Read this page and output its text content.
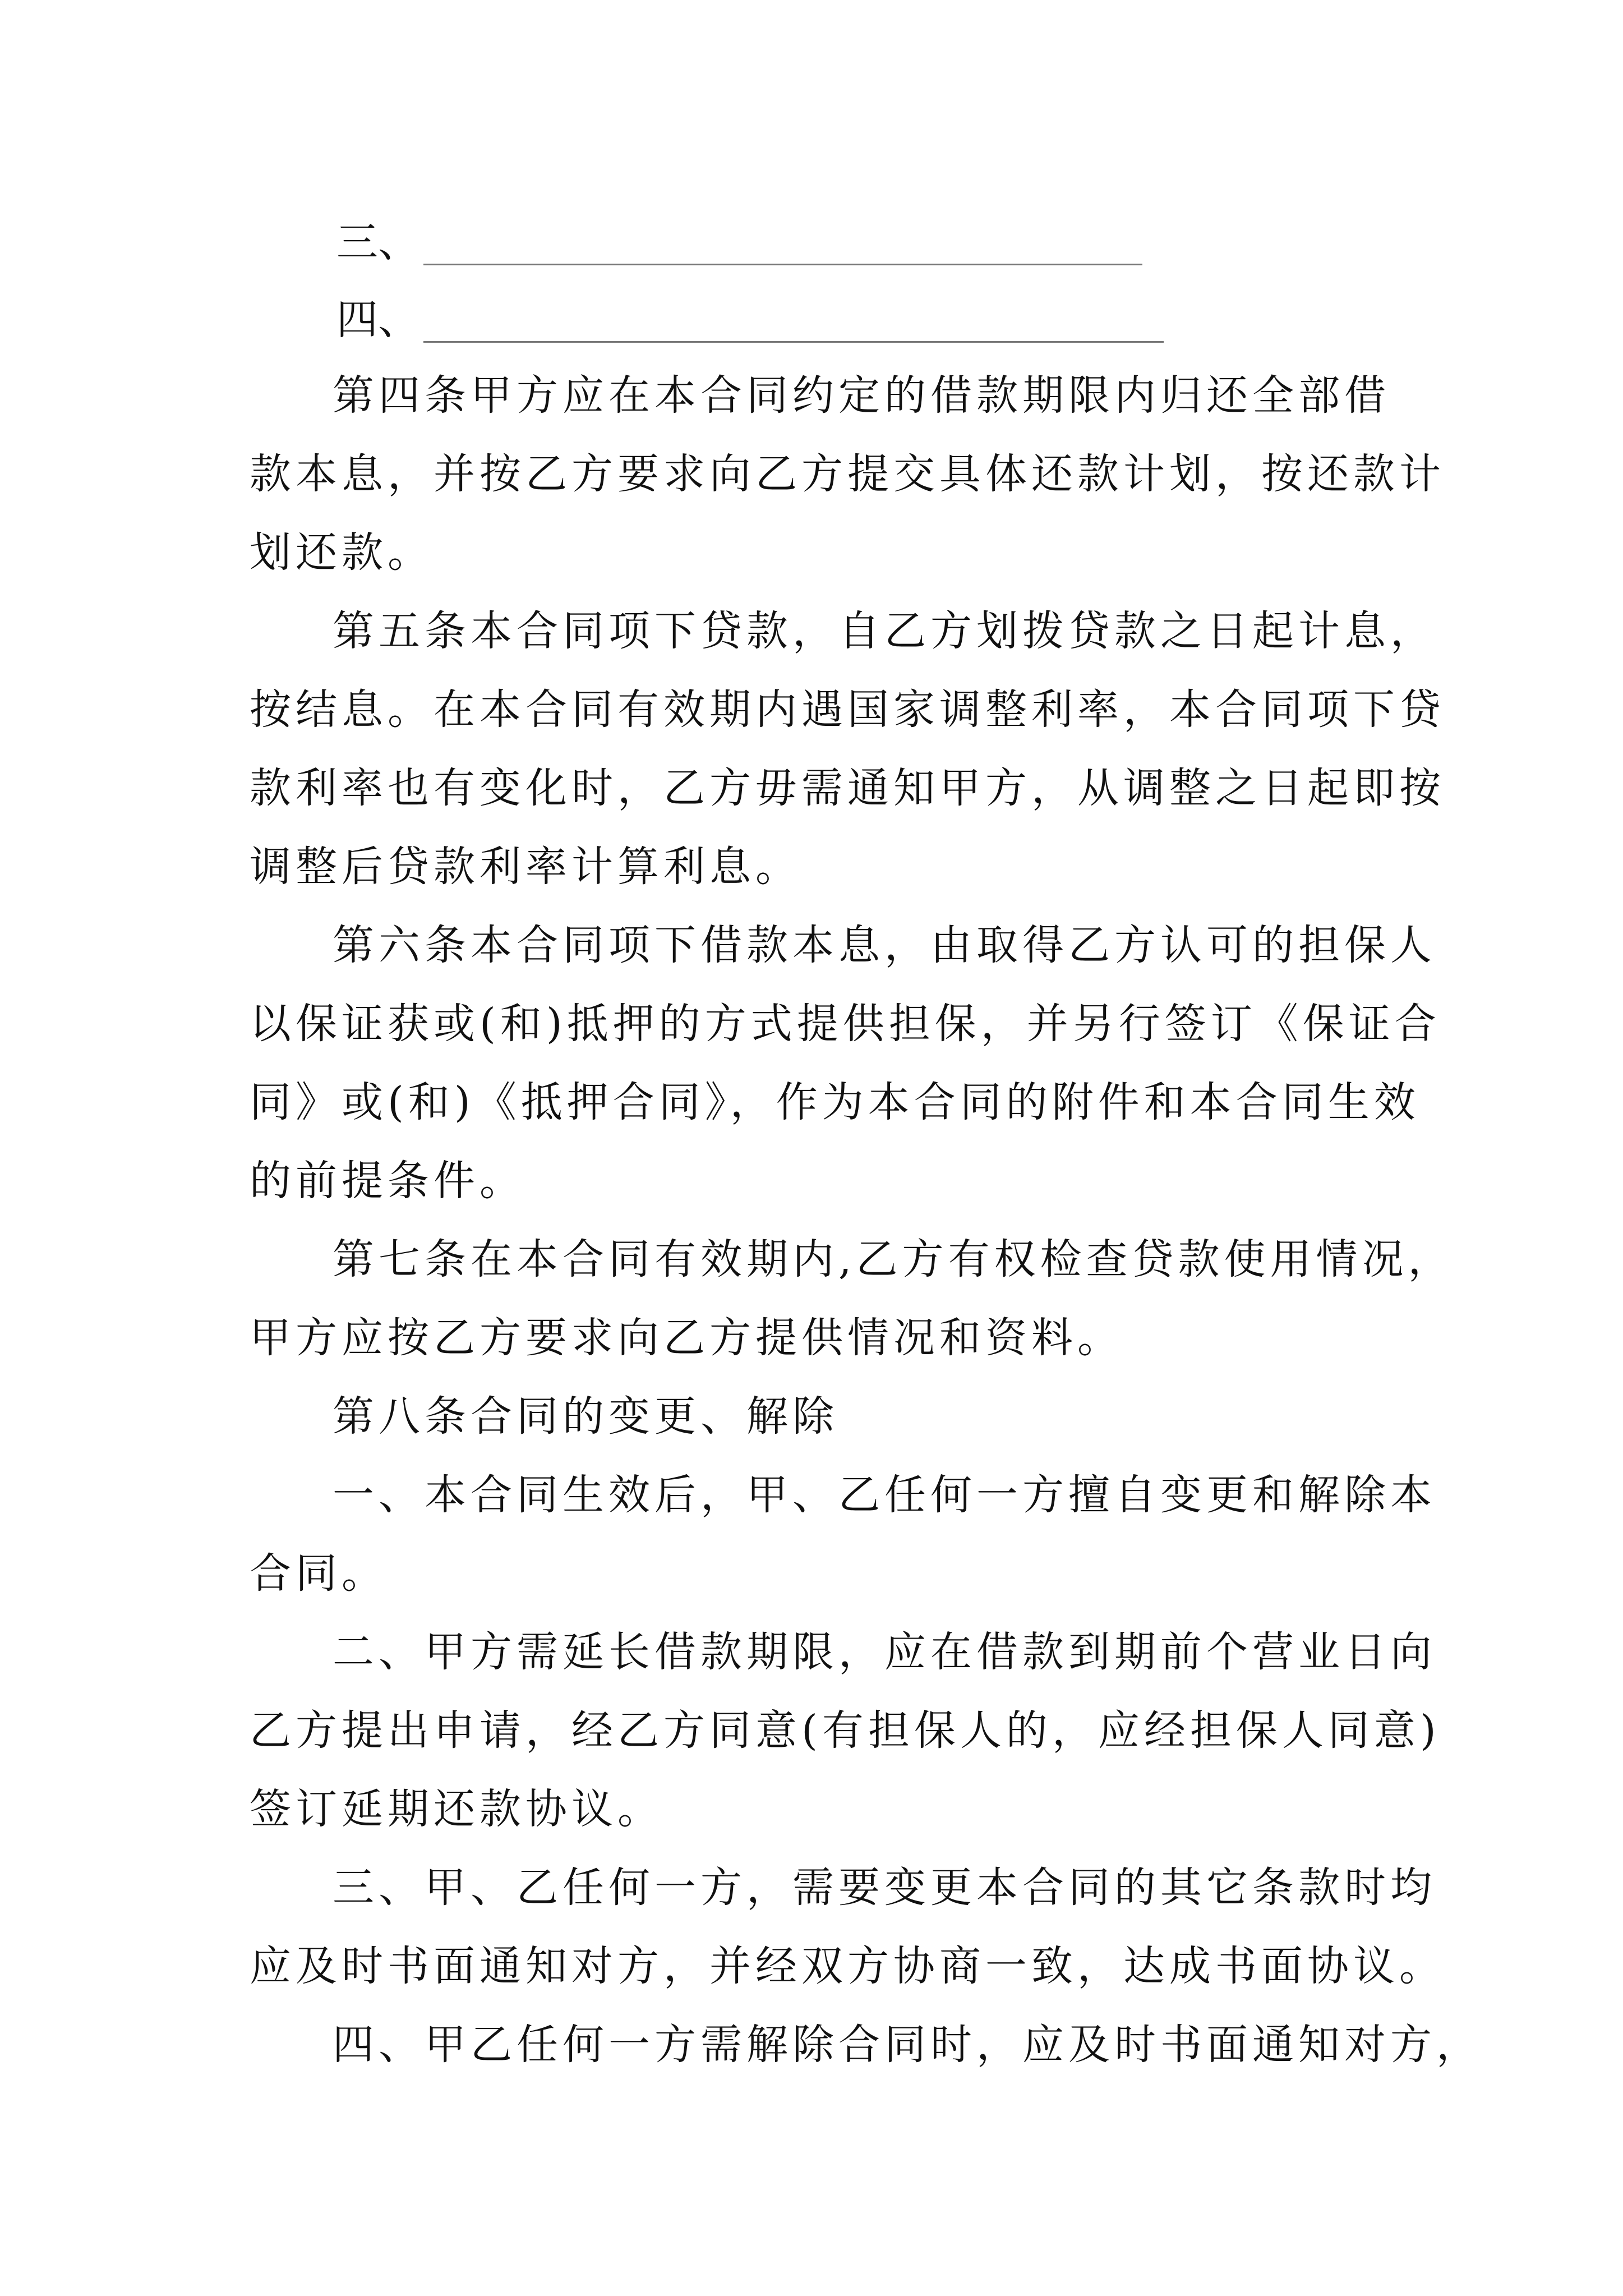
三、
四、
第四条甲方应在本合同约定的借款期限内归还全部借
款本息，并按乙方要求向乙方提交具体还款计划，按还款计
划还款。
第五条本合同项下贷款，自乙方划拨贷款之日起计息，
按结息。在本合同有效期内遇国家调整利率，本合同项下贷
款利率也有变化时，乙方毋需通知甲方，从调整之日起即按
调整后贷款利率计算利息。
第六条本合同项下借款本息，由取得乙方认可的担保人
以保证获或(和)抵押的方式提供担保，并另行签订《保证合
同》或(和)《抵押合同》，作为本合同的附件和本合同生效
的前提条件。
第七条在本合同有效期内,乙方有权检查贷款使用情况，
甲方应按乙方要求向乙方提供情况和资料。
第八条合同的变更、解除
一、本合同生效后，甲、乙任何一方擅自变更和解除本
合同。
二、甲方需延长借款期限，应在借款到期前个营业日向
乙方提出申请，经乙方同意(有担保人的，应经担保人同意)
签订延期还款协议。
三、甲、乙任何一方，需要变更本合同的其它条款时均
应及时书面通知对方，并经双方协商一致，达成书面协议。
四、甲乙任何一方需解除合同时，应及时书面通知对方，
